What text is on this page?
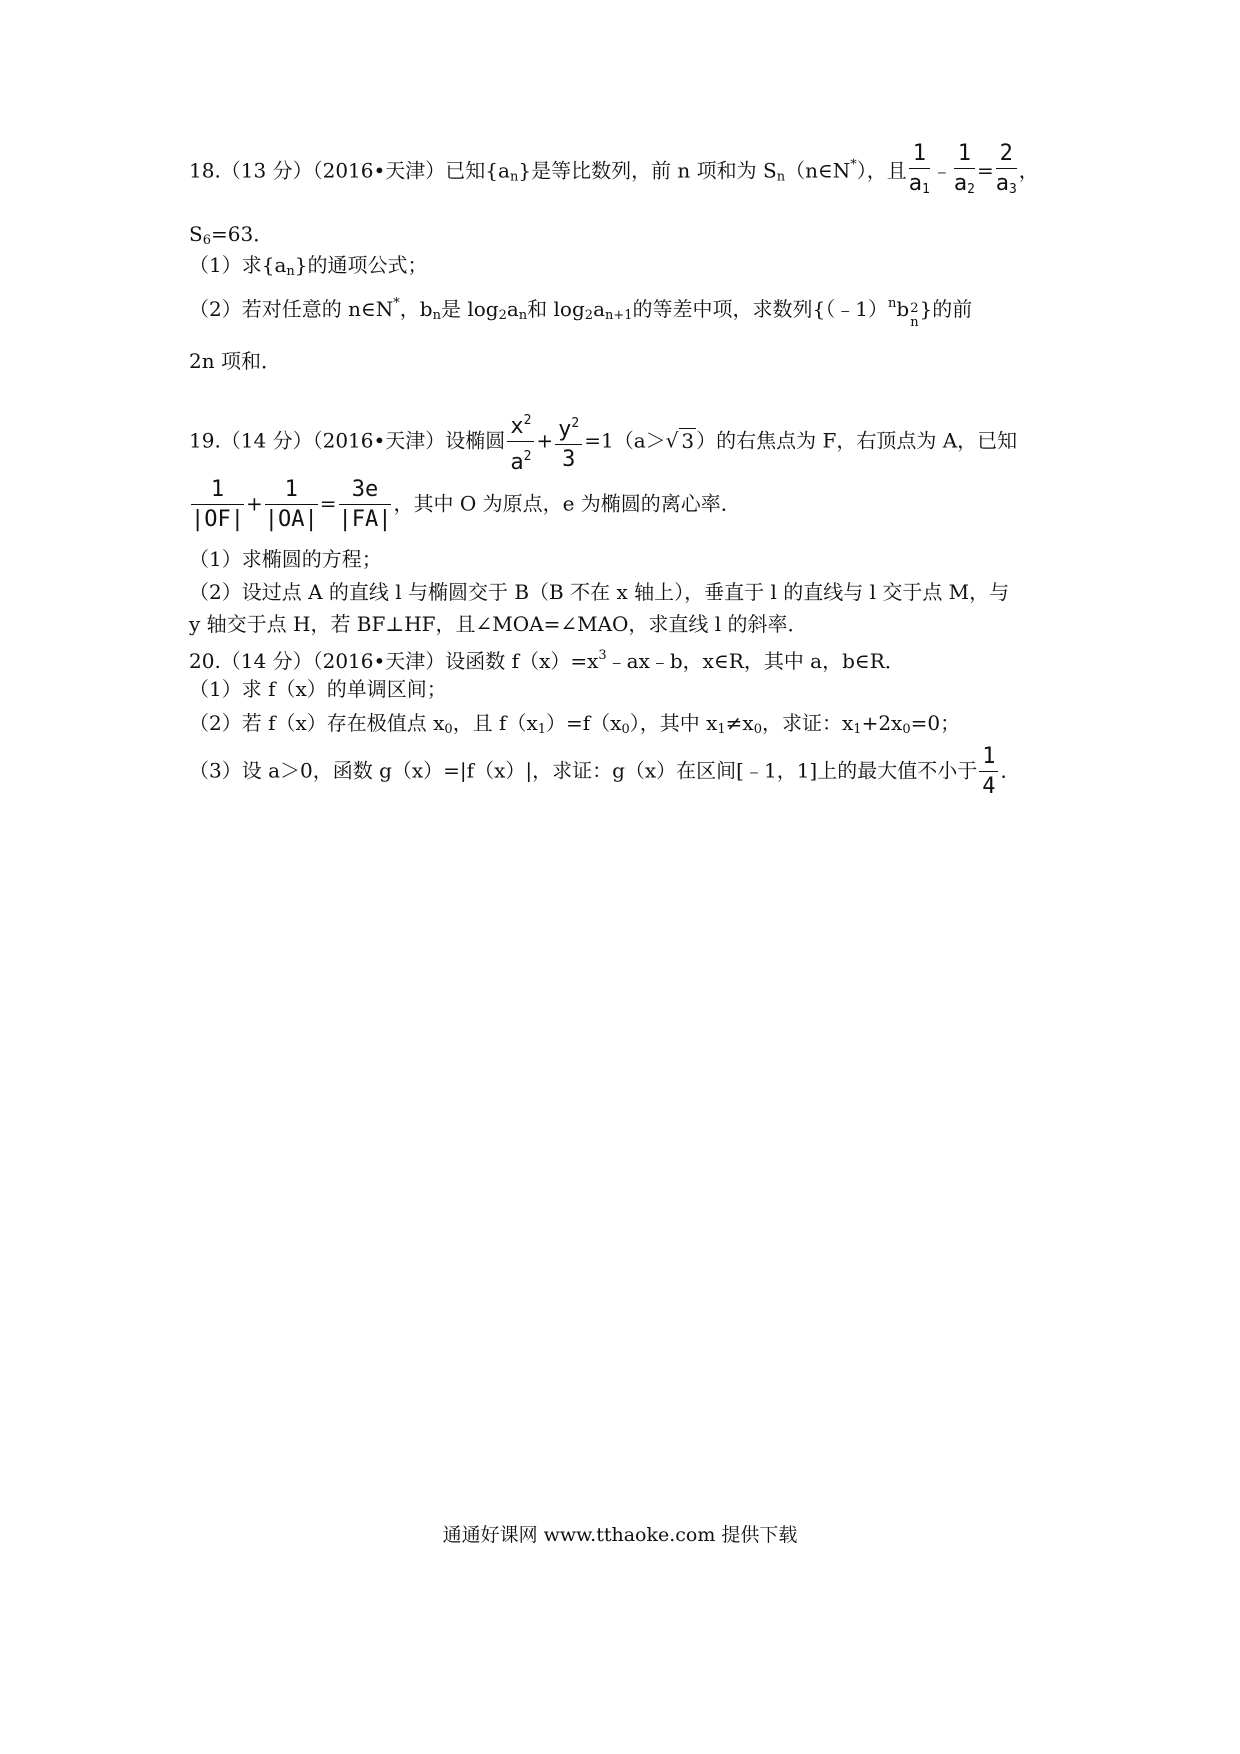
18.（13 分）（2016•天津）已知$\{a_n\}$是等比数列，前 n 项和为 $S_n(n\in N^*)$，且 $\frac{1}{a_1}$ ﹣ $\frac{1}{a_2} = \frac{2}{a_3}$ ，
$S_6=63$．
（1）求$\{a_n\}$的通项公式；
（2）若对任意的 n∈N*，$b_n$是 $\log_2a_n$和 $\log_2a_{n+1}$的等差中项，求数列{（﹣1）$^n$b 2
n
}的前
2n 项和．
19.（14 分）（2016•天津）设椭圆 $\frac{x^2}{a^2} + \frac{y^2}{3} =1(a>√$ 3 ）的右焦点为 F，右顶点为 A，已知
$\frac{1}{|OF|} + \frac{1}{|OA|} = \frac{3e}{|FA|}$ ，其中 O 为原点，e 为椭圆的离心率．
（1）求椭圆的方程；
（2）设过点 A 的直线 l 与椭圆交于 B（B 不在 x 轴上），垂直于 l 的直线与 l 交于点 M，与
y 轴交于点 H，若 BF⊥HF，且∠MOA=∠MAO，求直线 l 的斜率．
20.（14 分）（2016•天津）设函数 $f(x)=x^3﹣ax﹣b$，x∈R，其中 a，b∈R．
（1）求 f（x）的单调区间；
（2）若 f（x）存在极值点 $x_0$，且 $f(x_1)=f(x_0)$，其中 $x_1\ne x_0$，求证：$x_1+2x_0=0$；
（3）设 a＞0，函数 g（x）=|f（x）|，求证：g（x）在区间[﹣1，1]上的最大值不小于 $\frac{1}{4}$ ．
通通好课网 www.tthaoke.com 提供下载
